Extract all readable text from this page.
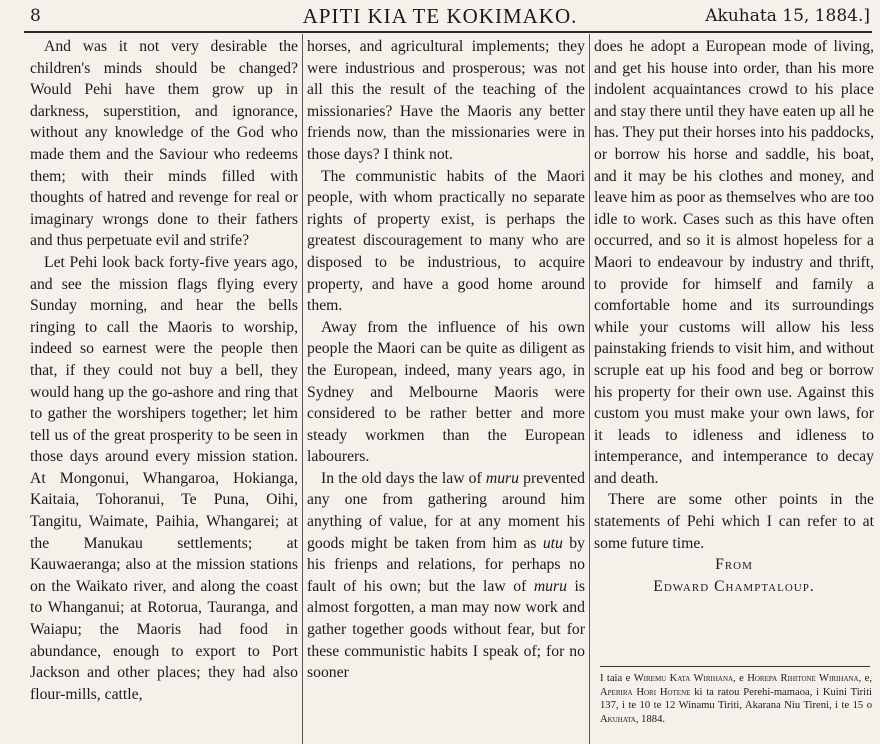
8	APITI KIA TE KOKIMAKO.	Akuhata 15, 1884.]

And was it not very desirable the children's minds should be changed? Would Pehi have them grow up in darkness, superstition, and ignorance, without any knowledge of the God who made them and the Saviour who redeems them; with their minds filled with thoughts of hatred and revenge for real or imaginary wrongs done to their fathers and thus perpetuate evil and strife?

Let Pehi look back forty-five years ago, and see the mission flags flying every Sunday morning, and hear the bells ringing to call the Maoris to worship, indeed so earnest were the people then that, if they could not buy a bell, they would hang up the go-ashore and ring that to gather the worshipers together; let him tell us of the great prosperity to be seen in those days around every mission station. At Mongonui, Whangaroa, Hokianga, Kaitaia, Tohoranui, Te Puna, Oihi, Tangitu, Waimate, Paihia, Whangarei; at the Manukau settlements; at Kauwaeranga; also at the mission stations on the Waikato river, and along the coast to Whanganui; at Rotorua, Tauranga, and Waiapu; the Maoris had food in abundance, enough to export to Port Jackson and other places; they had also flour-mills, cattle,

horses, and agricultural implements; they were industrious and prosperous; was not all this the result of the teaching of the missionaries? Have the Maoris any better friends now, than the missionaries were in those days? I think not.

The communistic habits of the Maori people, with whom practically no separate rights of property exist, is perhaps the greatest discouragement to many who are disposed to be industrious, to acquire property, and have a good home around them.

Away from the influence of his own people the Maori can be quite as diligent as the European, indeed, many years ago, in Sydney and Melbourne Maoris were considered to be rather better and more steady workmen than the European labourers.

In the old days the law of muru prevented any one from gathering around him anything of value, for at any moment his goods might be taken from him as utu by his frienps and relations, for perhaps no fault of his own; but the law of muru is almost forgotten, a man may now work and gather together goods without fear, but for these communistic habits I speak of; for no sooner

does he adopt a European mode of living, and get his house into order, than his more indolent acquaintances crowd to his place and stay there until they have eaten up all he has. They put their horses into his paddocks, or borrow his horse and saddle, his boat, and it may be his clothes and money, and leave him as poor as themselves who are too idle to work. Cases such as this have often occurred, and so it is almost hopeless for a Maori to endeavour by industry and thrift, to provide for himself and family a comfortable home and its surroundings while your customs will allow his less painstaking friends to visit him, and without scruple eat up his food and beg or borrow his property for their own use. Against this custom you must make your own laws, for it leads to idleness and idleness to intemperance, and intemperance to decay and death.

There are some other points in the statements of Pehi which I can refer to at some future time.

From

Edward Champtaloup.

I taia e Wiremu Kata Wirihana, e Horepa Rihitone Wirihana, e, Aperira Hori Hotene ki ta ratou Perehi-mamaoa, i Kuini Tiriti 137, i te 10 te 12 Winamu Tiriti, Akarana Niu Tireni, i te 15 o Akuhata, 1884.
